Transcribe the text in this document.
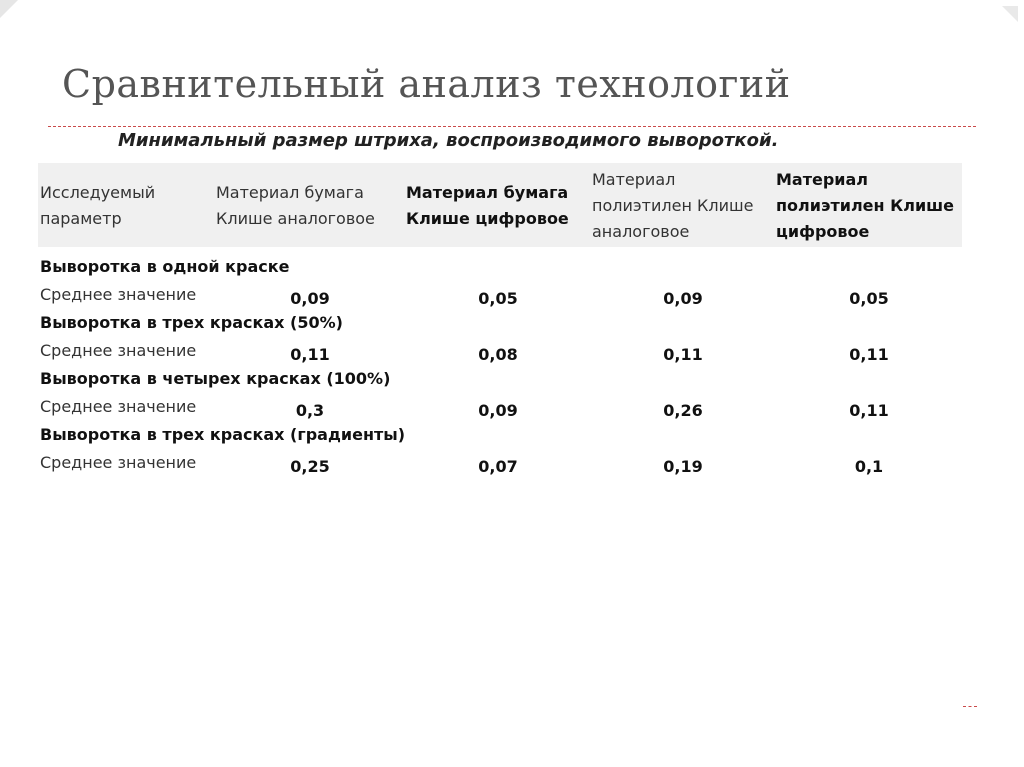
Сравнительный анализ технологий
Минимальный размер штриха, воспроизводимого вывороткой.
Исследуемый параметр	Материал бумага Клише аналоговое	Материал бумага Клише цифровое	Материал полиэтилен Клише аналоговое	Материал полиэтилен Клише цифровое
Выворотка в одной краске				
Среднее значение	0,09	0,05	0,09	0,05
Выворотка в трех красках (50%)				
Среднее значение	0,11	0,08	0,11	0,11
Выворотка в четырех красках (100%)				
Среднее значение	0,3	0,09	0,26	0,11
Выворотка в трех красках (градиенты)				
Среднее значение	0,25	0,07	0,19	0,1
